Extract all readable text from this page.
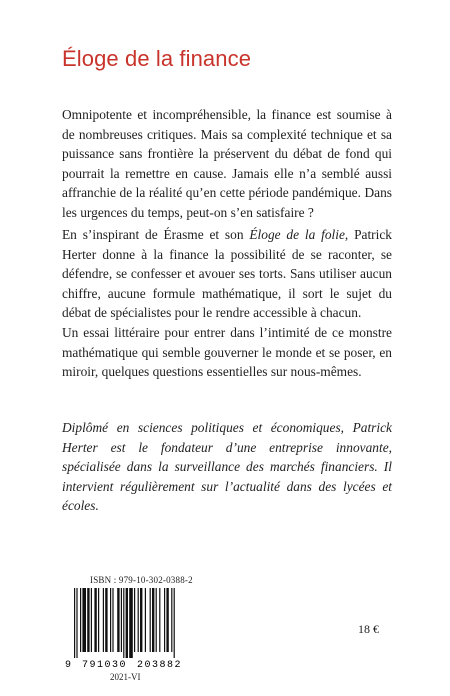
Éloge de la finance

Omnipotente et incompréhensible, la finance est soumise à de nombreuses critiques. Mais sa complexité technique et sa puissance sans frontière la préservent du débat de fond qui pourrait la remettre en cause. Jamais elle n’a semblé aussi affranchie de la réalité qu’en cette période pandémique. Dans les urgences du temps, peut-on s’en satisfaire ?

En s’inspirant de Érasme et son Éloge de la folie, Patrick Herter donne à la finance la possibilité de se raconter, se défendre, se confesser et avouer ses torts. Sans utiliser aucun chiffre, aucune formule mathématique, il sort le sujet du débat de spécialistes pour le rendre accessible à chacun.

Un essai littéraire pour entrer dans l’intimité de ce monstre mathématique qui semble gouverner le monde et se poser, en miroir, quelques questions essentielles sur nous-mêmes.

Diplômé en sciences politiques et économiques, Patrick Herter est le fondateur d’une entreprise innovante, spécialisée dans la surveillance des marchés financiers. Il intervient régulièrement sur l’actualité dans des lycées et écoles.

ISBN : 979-10-302-0388-2
9 791030 203882
2021-VI
18 €
